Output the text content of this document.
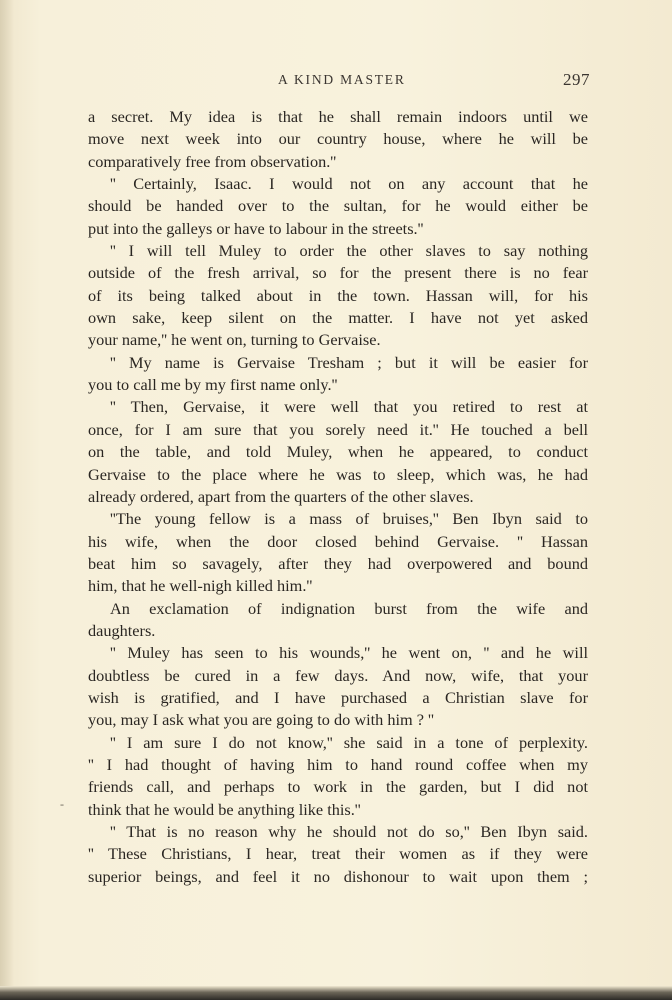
A KIND MASTER	297
a secret. My idea is that he shall remain indoors until we
move next week into our country house, where he will be
comparatively free from observation.''
'' Certainly, Isaac. I would not on any account that he
should be handed over to the sultan, for he would either be
put into the galleys or have to labour in the streets.''
'' I will tell Muley to order the other slaves to say nothing
outside of the fresh arrival, so for the present there is no fear
of its being talked about in the town. Hassan will, for his
own sake, keep silent on the matter. I have not yet asked
your name,'' he went on, turning to Gervaise.
'' My name is Gervaise Tresham ; but it will be easier for
you to call me by my first name only.''
'' Then, Gervaise, it were well that you retired to rest at
once, for I am sure that you sorely need it.'' He touched a bell
on the table, and told Muley, when he appeared, to conduct
Gervaise to the place where he was to sleep, which was, he had
already ordered, apart from the quarters of the other slaves.
''The young fellow is a mass of bruises,'' Ben Ibyn said to
his wife, when the door closed behind Gervaise. '' Hassan
beat him so savagely, after they had overpowered and bound
him, that he well-nigh killed him.''
An exclamation of indignation burst from the wife and
daughters.
'' Muley has seen to his wounds,'' he went on, '' and he will
doubtless be cured in a few days. And now, wife, that your
wish is gratified, and I have purchased a Christian slave for
you, may I ask what you are going to do with him ? ''
'' I am sure I do not know,'' she said in a tone of perplexity.
'' I had thought of having him to hand round coffee when my
friends call, and perhaps to work in the garden, but I did not
think that he would be anything like this.''
'' That is no reason why he should not do so,'' Ben Ibyn said.
'' These Christians, I hear, treat their women as if they were
superior beings, and feel it no dishonour to wait upon them ;
-
